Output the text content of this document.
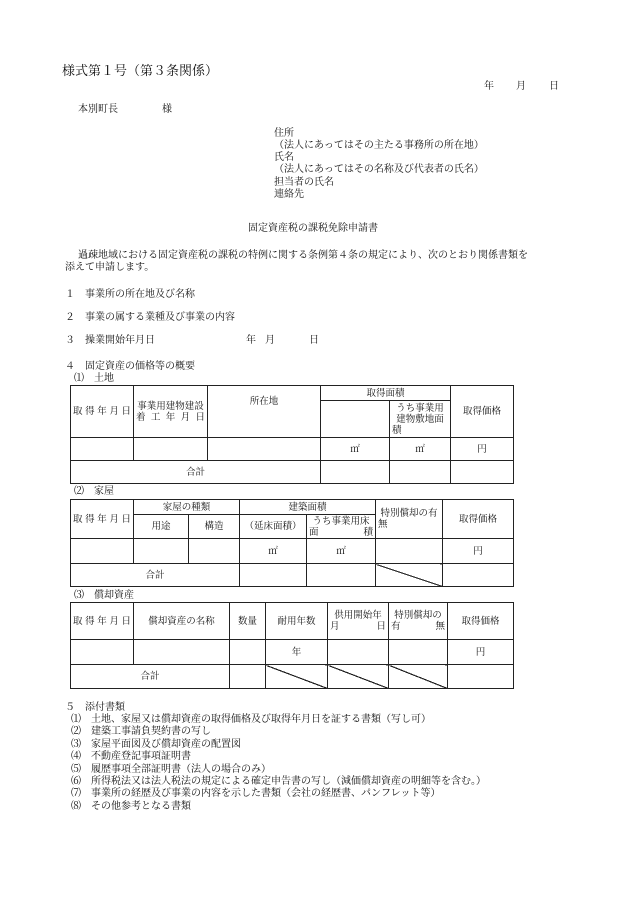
様式第１号（第３条関係）
年 月 日
本別町長	様
住所
（法人にあってはその主たる事務所の所在地）
氏名
（法人にあってはその名称及び代表者の氏名）
担当者の氏名
連絡先
固定資産税の課税免除申請書
過疎地域における固定資産税の課税の特例に関する条例第４条の規定により、次のとおり関係書類を
添えて申請します。
１　事業所の所在地及び名称
２　事業の属する業種及び事業の内容
３　操業開始年月日	年 月	日
４　固定資産の価格等の概要
⑴　土地
取得年月日	事業用建物建設着工年月日	所在地	取得面積		取得価格
				うち事業用建物敷地面積	
			㎡	㎡	円
合計					
⑵　家屋
取得年月日	家屋の種類		建築面積		特別償却の有無	取得価格
	用途	構造	（延床面積）	うち事業用床面積		
			㎡	㎡		円
合計						
⑶　償却資産
取得年月日	償却資産の名称	数量	耐用年数	供用開始年月日	特別償却の有無	取得価格
			年			円
合計						
５　添付書類
⑴　土地、家屋又は償却資産の取得価格及び取得年月日を証する書類（写し可）
⑵　建築工事請負契約書の写し
⑶　家屋平面図及び償却資産の配置図
⑷　不動産登記事項証明書
⑸　履歴事項全部証明書（法人の場合のみ）
⑹　所得税法又は法人税法の規定による確定申告書の写し（減価償却資産の明細等を含む。）
⑺　事業所の経歴及び事業の内容を示した書類（会社の経歴書、パンフレット等）
⑻　その他参考となる書類
